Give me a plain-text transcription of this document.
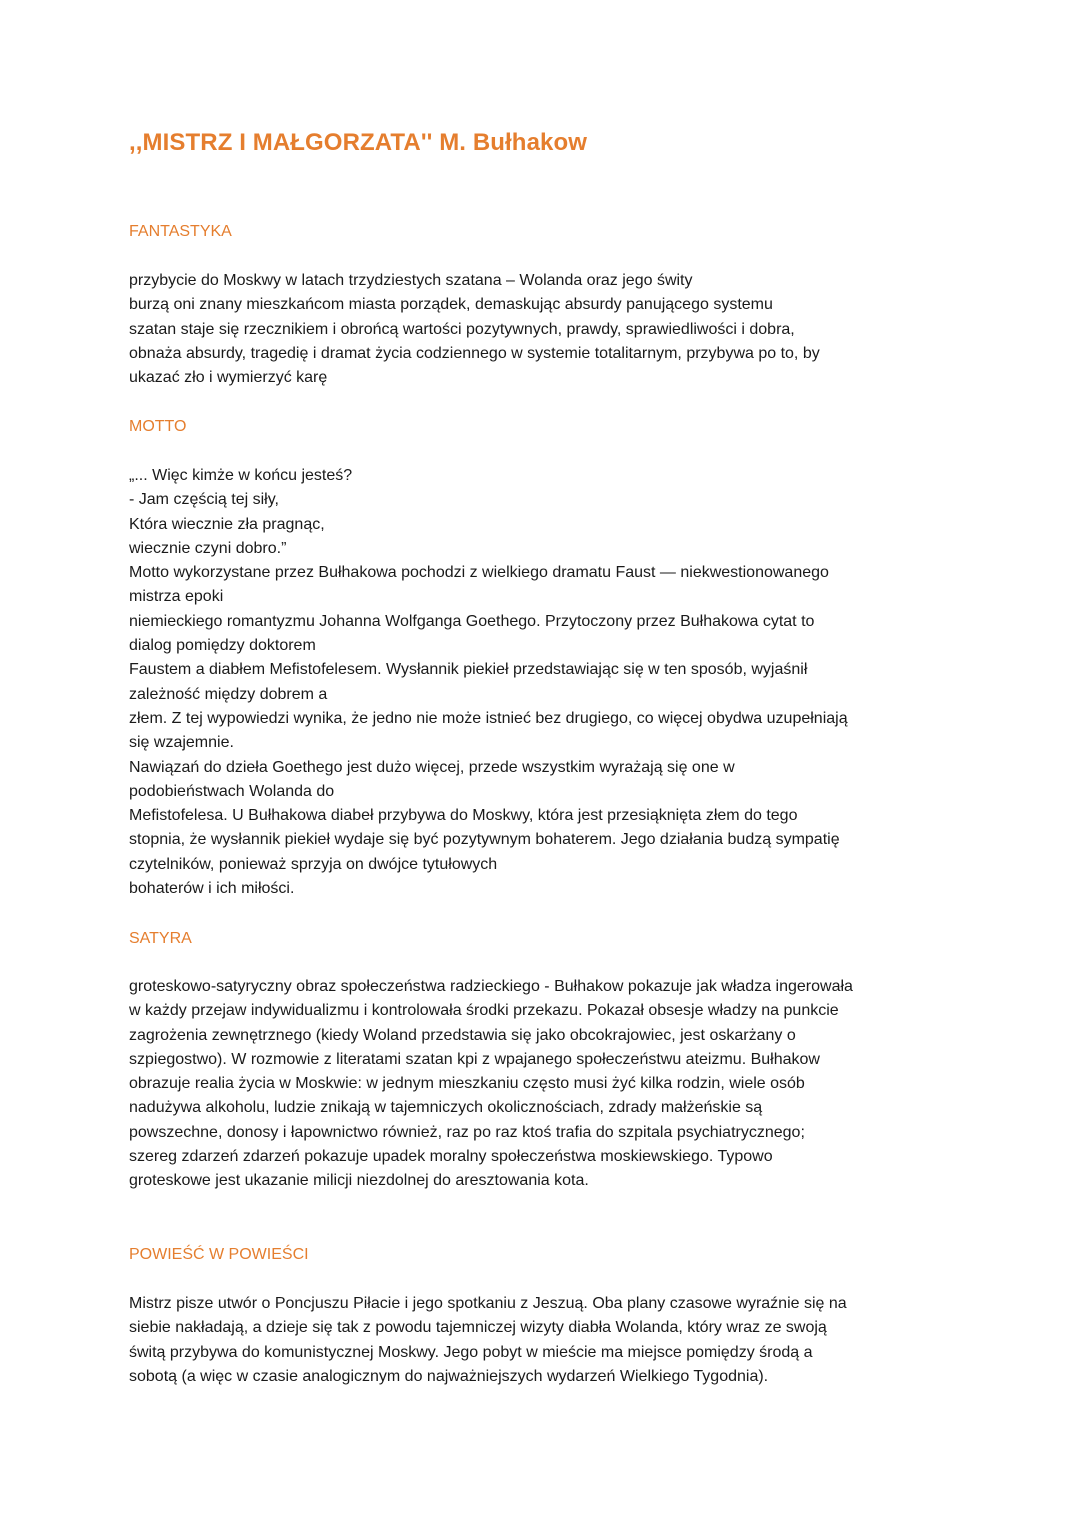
,,MISTRZ I MAŁGORZATA'' M. Bułhakow
FANTASTYKA
przybycie do Moskwy w latach trzydziestych szatana – Wolanda oraz jego świty
burzą oni znany mieszkańcom miasta porządek, demaskując absurdy panującego systemu
szatan staje się rzecznikiem i obrońcą wartości pozytywnych, prawdy, sprawiedliwości i dobra,
obnaża absurdy, tragedię i dramat życia codziennego w systemie totalitarnym, przybywa po to, by
ukazać zło i wymierzyć karę
MOTTO
„... Więc kimże w końcu jesteś?
- Jam częścią tej siły,
Która wiecznie zła pragnąc,
wiecznie czyni dobro.”
Motto wykorzystane przez Bułhakowa pochodzi z wielkiego dramatu Faust — niekwestionowanego
mistrza epoki
niemieckiego romantyzmu Johanna Wolfganga Goethego. Przytoczony przez Bułhakowa cytat to
dialog pomiędzy doktorem
Faustem a diabłem Mefistofelesem. Wysłannik piekieł przedstawiając się w ten sposób, wyjaśnił
zależność między dobrem a
złem. Z tej wypowiedzi wynika, że jedno nie może istnieć bez drugiego, co więcej obydwa uzupełniają
się wzajemnie.
Nawiązań do dzieła Goethego jest dużo więcej, przede wszystkim wyrażają się one w
podobieństwach Wolanda do
Mefistofelesa. U Bułhakowa diabeł przybywa do Moskwy, która jest przesiąknięta złem do tego
stopnia, że wysłannik piekieł wydaje się być pozytywnym bohaterem. Jego działania budzą sympatię
czytelników, ponieważ sprzyja on dwójce tytułowych
bohaterów i ich miłości.
SATYRA
groteskowo-satyryczny obraz społeczeństwa radzieckiego - Bułhakow pokazuje jak władza ingerowała
w każdy przejaw indywidualizmu i kontrolowała środki przekazu. Pokazał obsesje władzy na punkcie
zagrożenia zewnętrznego (kiedy Woland przedstawia się jako obcokrajowiec, jest oskarżany o
szpiegostwo). W rozmowie z literatami szatan kpi z wpajanego społeczeństwu ateizmu. Bułhakow
obrazuje realia życia w Moskwie: w jednym mieszkaniu często musi żyć kilka rodzin, wiele osób
nadużywa alkoholu, ludzie znikają w tajemniczych okolicznościach, zdrady małżeńskie są
powszechne, donosy i łapownictwo również, raz po raz ktoś trafia do szpitala psychiatrycznego;
szereg zdarzeń zdarzeń pokazuje upadek moralny społeczeństwa moskiewskiego. Typowo
groteskowe jest ukazanie milicji niezdolnej do aresztowania kota.
POWIEŚĆ W POWIEŚCI
Mistrz pisze utwór o Poncjuszu Piłacie i jego spotkaniu z Jeszuą. Oba plany czasowe wyraźnie się na
siebie nakładają, a dzieje się tak z powodu tajemniczej wizyty diabła Wolanda, który wraz ze swoją
świtą przybywa do komunistycznej Moskwy. Jego pobyt w mieście ma miejsce pomiędzy środą a
sobotą (a więc w czasie analogicznym do najważniejszych wydarzeń Wielkiego Tygodnia).
